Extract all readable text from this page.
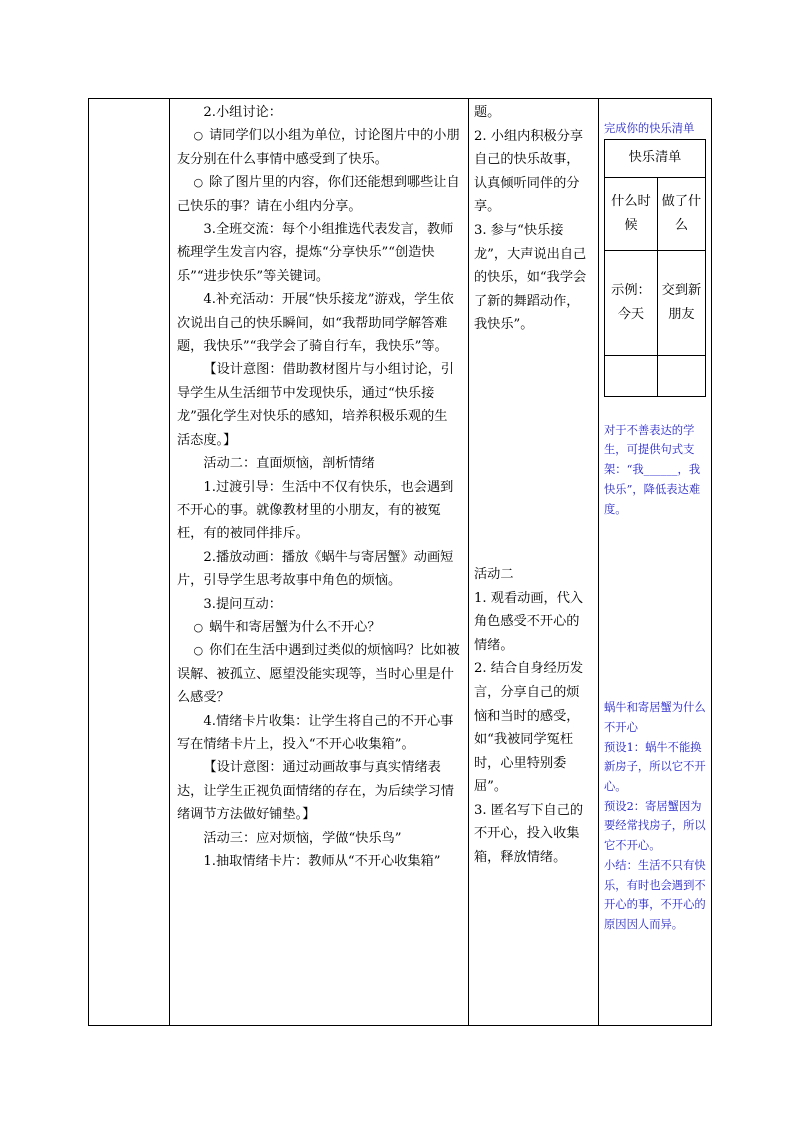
2.小组讨论：

○ 请同学们以小组为单位，讨论图片中的小朋友分别在什么事情中感受到了快乐。

○ 除了图片里的内容，你们还能想到哪些让自己快乐的事？请在小组内分享。

3.全班交流：每个小组推选代表发言，教师梳理学生发言内容，提炼“分享快乐”“创造快乐”“进步快乐”等关键词。

4.补充活动：开展“快乐接龙”游戏，学生依次说出自己的快乐瞬间，如“我帮助同学解答难题，我快乐”“我学会了骑自行车，我快乐”等。

【设计意图：借助教材图片与小组讨论，引导学生从生活细节中发现快乐，通过“快乐接龙”强化学生对快乐的感知，培养积极乐观的生活态度。】

活动二：直面烦恼，剖析情绪

1.过渡引导：生活中不仅有快乐，也会遇到不开心的事。就像教材里的小朋友，有的被冤枉，有的被同伴排斥。

2.播放动画：播放《蜗牛与寄居蟹》动画短片，引导学生思考故事中角色的烦恼。

3.提问互动：

○ 蜗牛和寄居蟹为什么不开心？

○ 你们在生活中遇到过类似的烦恼吗？比如被误解、被孤立、愿望没能实现等，当时心里是什么感受？

4.情绪卡片收集：让学生将自己的不开心事写在情绪卡片上，投入“不开心收集箱”。

【设计意图：通过动画故事与真实情绪表达，让学生正视负面情绪的存在，为后续学习情绪调节方法做好铺垫。】

活动三：应对烦恼，学做“快乐鸟”

1.抽取情绪卡片：教师从“不开心收集箱”

题。

2. 小组内积极分享自己的快乐故事，认真倾听同伴的分享。

3. 参与“快乐接龙”，大声说出自己的快乐，如“我学会了新的舞蹈动作，我快乐”。

活动二

1. 观看动画，代入角色感受不开心的情绪。

2. 结合自身经历发言，分享自己的烦恼和当时的感受，如“我被同学冤枉时，心里特别委屈”。

3. 匿名写下自己的不开心，投入收集箱，释放情绪。

完成你的快乐清单

快乐清单	
什么时候	做了什么
示例：今天	交到新朋友

对于不善表达的学生，可提供句式支架：“我______，我快乐”，降低表达难度。

蜗牛和寄居蟹为什么不开心

预设1：蜗牛不能换新房子，所以它不开心。

预设2：寄居蟹因为要经常找房子，所以它不开心。

小结：生活不只有快乐，有时也会遇到不开心的事，不开心的原因因人而异。
